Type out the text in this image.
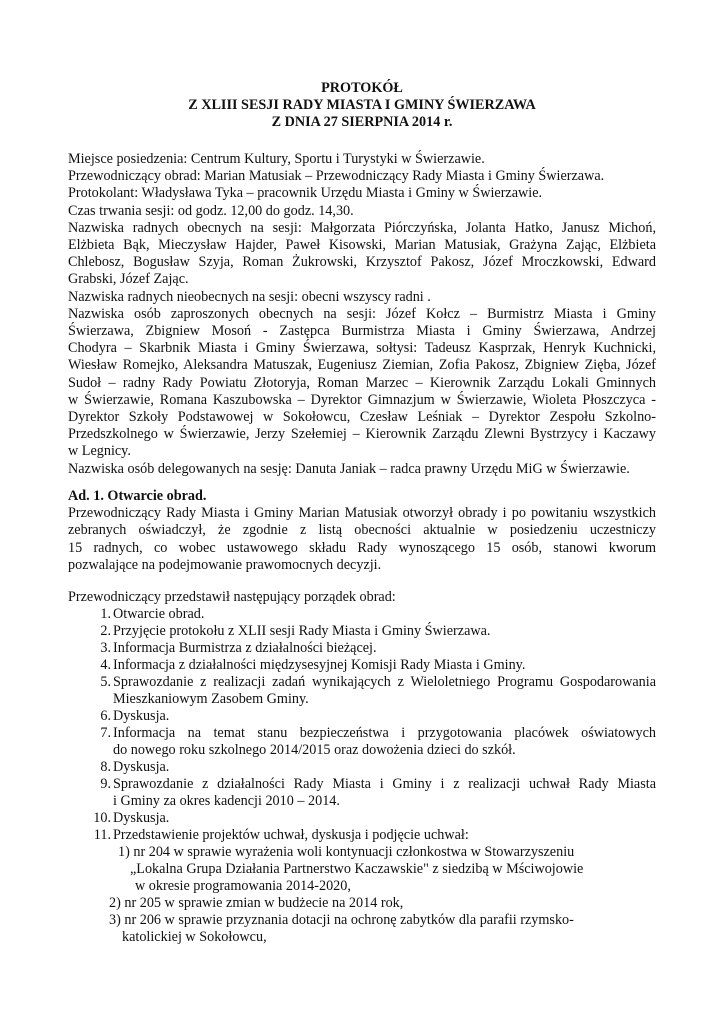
PROTOKÓŁ
Z XLIII SESJI RADY MIASTA I GMINY ŚWIERZAWA
Z DNIA 27 SIERPNIA 2014 r.
Miejsce posiedzenia: Centrum Kultury, Sportu i Turystyki w Świerzawie.
Przewodniczący obrad: Marian Matusiak – Przewodniczący Rady Miasta i Gminy Świerzawa.
Protokolant: Władysława Tyka – pracownik Urzędu Miasta i Gminy w Świerzawie.
Czas trwania sesji: od godz. 12,00 do godz. 14,30.
Nazwiska radnych obecnych na sesji: Małgorzata Piórczyńska, Jolanta Hatko, Janusz Michoń,
Elżbieta Bąk, Mieczysław Hajder, Paweł Kisowski, Marian Matusiak, Grażyna Zając, Elżbieta
Chlebosz, Bogusław Szyja, Roman Żukrowski, Krzysztof Pakosz, Józef Mroczkowski, Edward
Grabski, Józef Zając.
Nazwiska radnych nieobecnych na sesji: obecni wszyscy radni .
Nazwiska osób zaproszonych obecnych na sesji: Józef Kołcz – Burmistrz Miasta i Gminy
Świerzawa, Zbigniew Mosoń - Zastępca Burmistrza Miasta i Gminy Świerzawa, Andrzej
Chodyra – Skarbnik Miasta i Gminy Świerzawa, sołtysi: Tadeusz Kasprzak, Henryk Kuchnicki,
Wiesław Romejko, Aleksandra Matuszak, Eugeniusz Ziemian, Zofia Pakosz, Zbigniew Zięba, Józef
Sudoł – radny Rady Powiatu Złotoryja, Roman Marzec – Kierownik Zarządu Lokali Gminnych
w Świerzawie, Romana Kaszubowska – Dyrektor Gimnazjum w Świerzawie, Wioleta Płoszczyca -
Dyrektor Szkoły Podstawowej w Sokołowcu, Czesław Leśniak – Dyrektor Zespołu Szkolno-
Przedszkolnego w Świerzawie, Jerzy Szełemiej – Kierownik Zarządu Zlewni Bystrzycy i Kaczawy
w Legnicy.
Nazwiska osób delegowanych na sesję: Danuta Janiak – radca prawny Urzędu MiG w Świerzawie.
Ad. 1. Otwarcie obrad.
Przewodniczący Rady Miasta i Gminy Marian Matusiak otworzył obrady i po powitaniu wszystkich
zebranych oświadczył, że zgodnie z listą obecności aktualnie w posiedzeniu uczestniczy
15 radnych, co wobec ustawowego składu Rady wynoszącego 15 osób, stanowi kworum
pozwalające na podejmowanie prawomocnych decyzji.
Przewodniczący przedstawił następujący porządek obrad:
1. Otwarcie obrad.
2. Przyjęcie protokołu z XLII sesji Rady Miasta i Gminy Świerzawa.
3. Informacja Burmistrza z działalności bieżącej.
4. Informacja z działalności międzysesyjnej Komisji Rady Miasta i Gminy.
5. Sprawozdanie z realizacji zadań wynikających z Wieloletniego Programu Gospodarowania
Mieszkaniowym Zasobem Gminy.
6. Dyskusja.
7. Informacja na temat stanu bezpieczeństwa i przygotowania placówek oświatowych
do nowego roku szkolnego 2014/2015 oraz dowożenia dzieci do szkół.
8. Dyskusja.
9. Sprawozdanie z działalności Rady Miasta i Gminy i z realizacji uchwał Rady Miasta
i Gminy za okres kadencji 2010 – 2014.
10. Dyskusja.
11. Przedstawienie projektów uchwał, dyskusja i podjęcie uchwał:
1) nr 204 w sprawie wyrażenia woli kontynuacji członkostwa w Stowarzyszeniu
„Lokalna Grupa Działania Partnerstwo Kaczawskie" z siedzibą w Mściwojowie
w okresie programowania 2014-2020,
2) nr 205 w sprawie zmian w budżecie na 2014 rok,
3) nr 206 w sprawie przyznania dotacji na ochronę zabytków dla parafii rzymsko-
katolickiej w Sokołowcu,
